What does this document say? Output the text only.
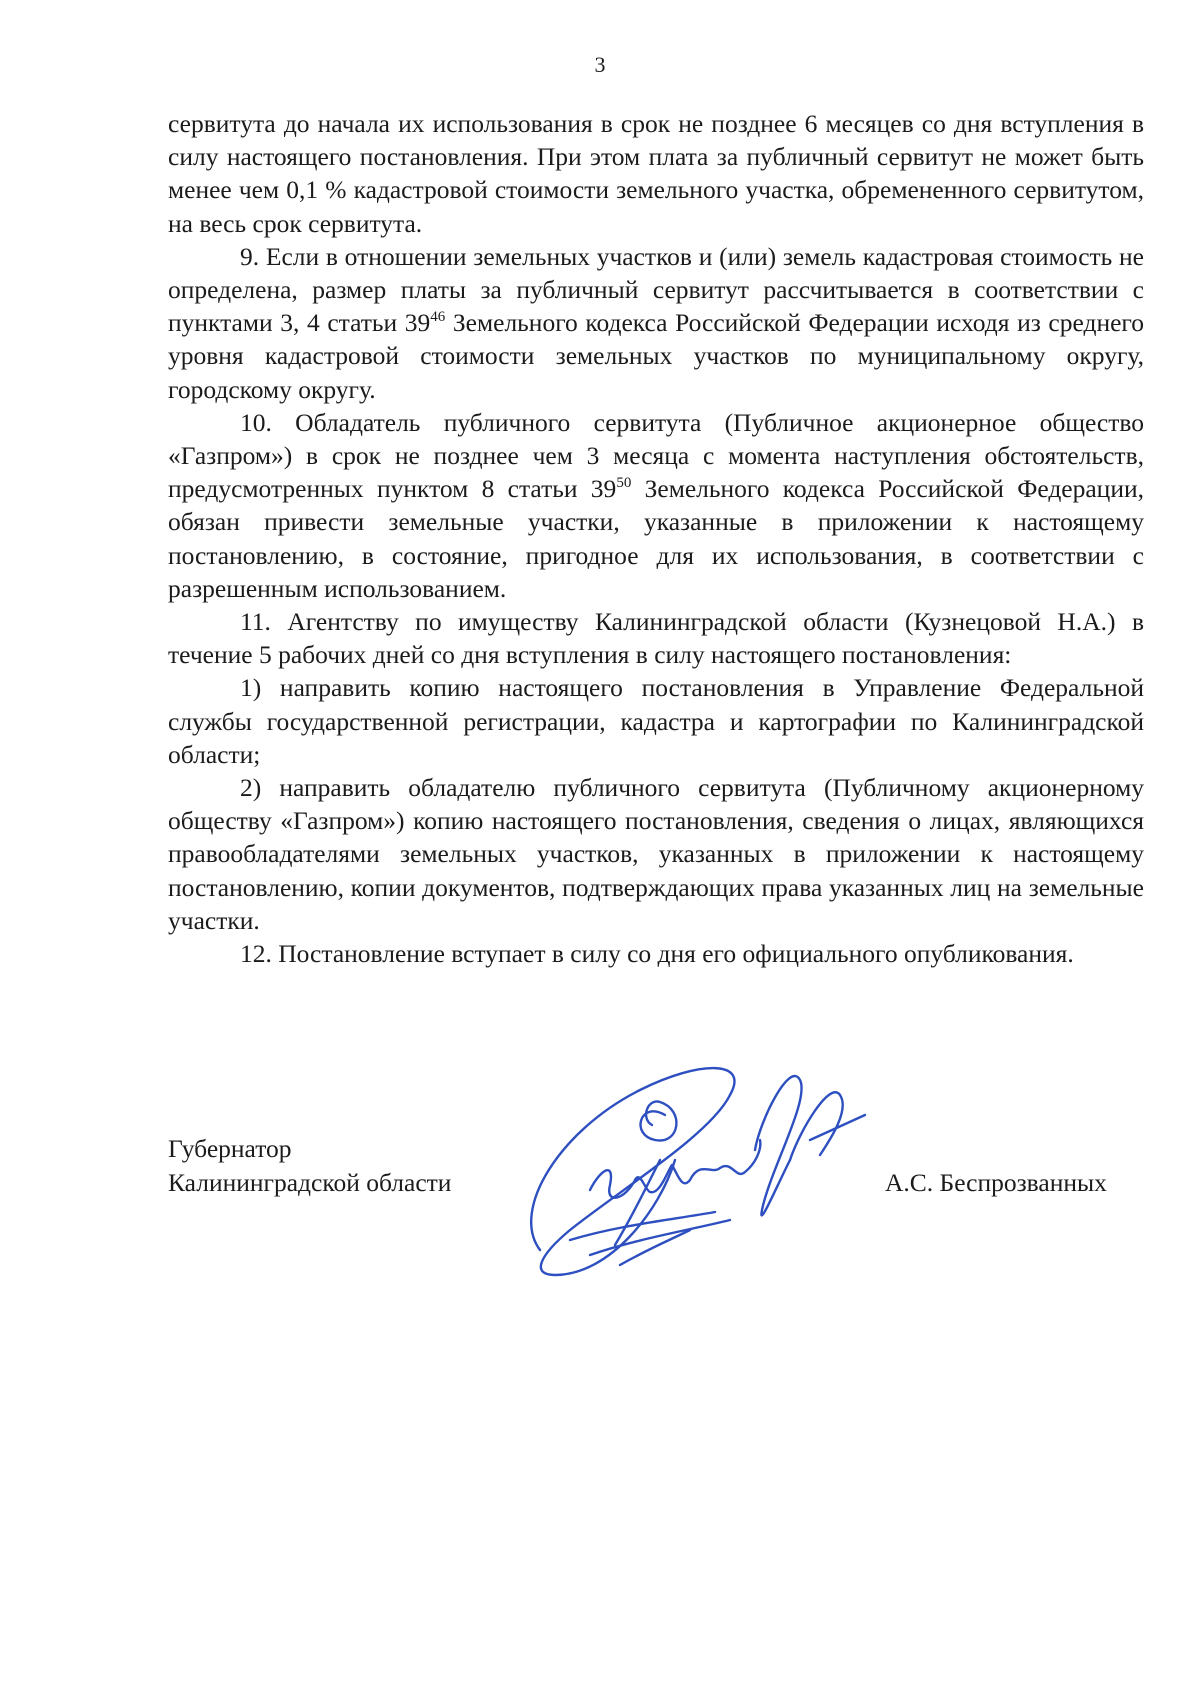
3

сервитута до начала их использования в срок не позднее 6 месяцев со дня вступления в силу настоящего постановления. При этом плата за публичный сервитут не может быть менее чем 0,1 % кадастровой стоимости земельного участка, обремененного сервитутом, на весь срок сервитута.

9. Если в отношении земельных участков и (или) земель кадастровая стоимость не определена, размер платы за публичный сервитут рассчитывается в соответствии с пунктами 3, 4 статьи $39^{46}$ Земельного кодекса Российской Федерации исходя из среднего уровня кадастровой стоимости земельных участков по муниципальному округу, городскому округу.

10. Обладатель публичного сервитута (Публичное акционерное общество «Газпром») в срок не позднее чем 3 месяца с момента наступления обстоятельств, предусмотренных пунктом 8 статьи $39^{50}$ Земельного кодекса Российской Федерации, обязан привести земельные участки, указанные в приложении к настоящему постановлению, в состояние, пригодное для их использования, в соответствии с разрешенным использованием.

11. Агентству по имуществу Калининградской области (Кузнецовой Н.А.) в течение 5 рабочих дней со дня вступления в силу настоящего постановления:

1) направить копию настоящего постановления в Управление Федеральной службы государственной регистрации, кадастра и картографии по Калининградской области;

2) направить обладателю публичного сервитута (Публичному акционерному обществу «Газпром») копию настоящего постановления, сведения о лицах, являющихся правообладателями земельных участков, указанных в приложении к настоящему постановлению, копии документов, подтверждающих права указанных лиц на земельные участки.

12. Постановление вступает в силу со дня его официального опубликования.

Губернатор
Калининградской области	А.С. Беспрозванных
